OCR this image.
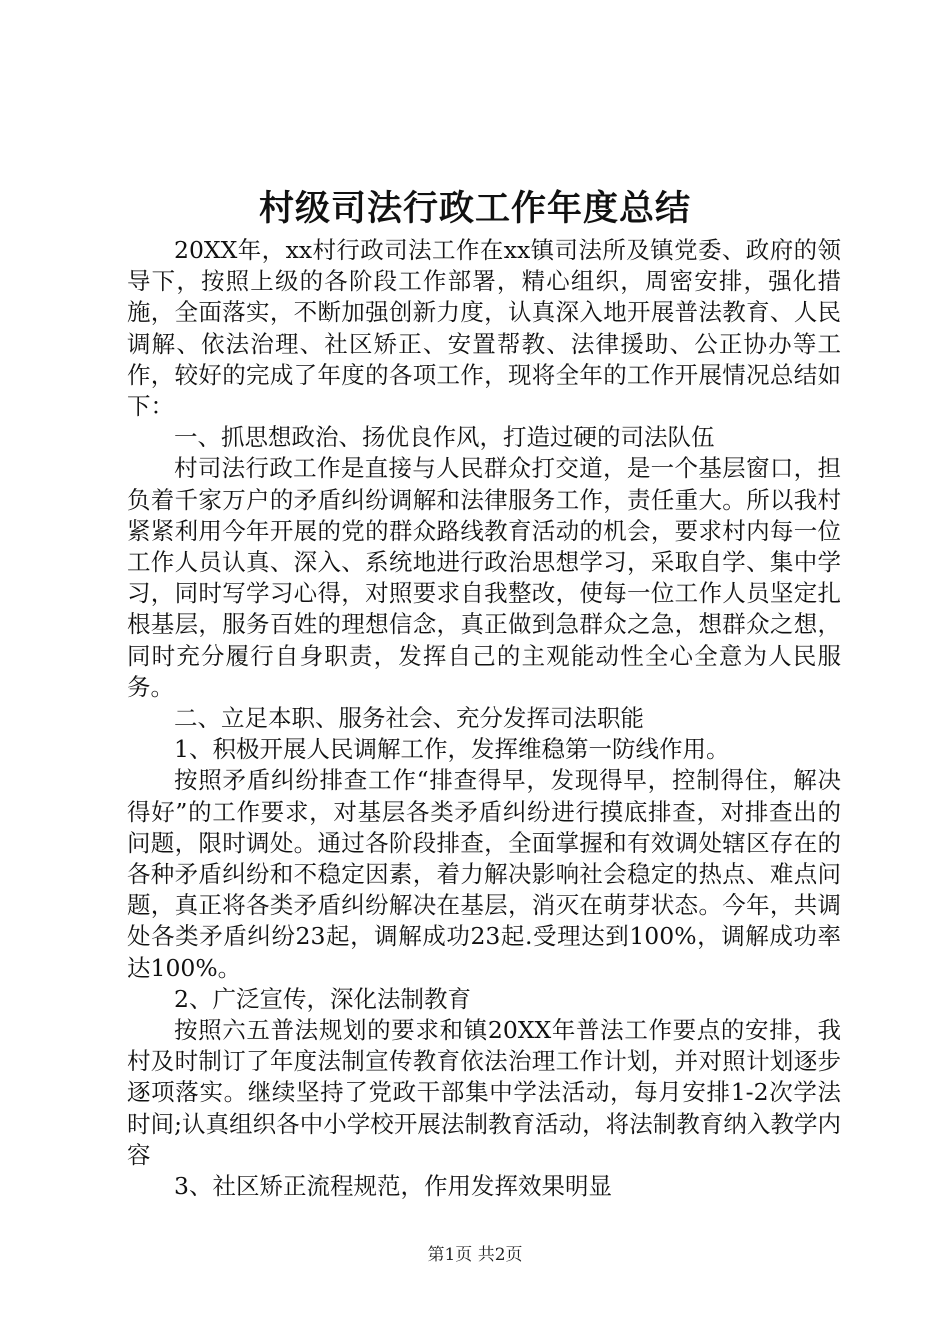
村级司法行政工作年度总结

20XX年，xx村行政司法工作在xx镇司法所及镇党委、政府的领导下，按照上级的各阶段工作部署，精心组织，周密安排，强化措施，全面落实，不断加强创新力度，认真深入地开展普法教育、人民调解、依法治理、社区矫正、安置帮教、法律援助、公正协办等工作，较好的完成了年度的各项工作，现将全年的工作开展情况总结如下：

一、抓思想政治、扬优良作风，打造过硬的司法队伍

村司法行政工作是直接与人民群众打交道，是一个基层窗口，担负着千家万户的矛盾纠纷调解和法律服务工作，责任重大。所以我村紧紧利用今年开展的党的群众路线教育活动的机会，要求村内每一位工作人员认真、深入、系统地进行政治思想学习，采取自学、集中学习，同时写学习心得，对照要求自我整改，使每一位工作人员坚定扎根基层，服务百姓的理想信念，真正做到急群众之急，想群众之想，同时充分履行自身职责，发挥自己的主观能动性全心全意为人民服务。

二、立足本职、服务社会、充分发挥司法职能

1、积极开展人民调解工作，发挥维稳第一防线作用。

按照矛盾纠纷排查工作“排查得早，发现得早，控制得住，解决得好”的工作要求，对基层各类矛盾纠纷进行摸底排查，对排查出的问题，限时调处。通过各阶段排查，全面掌握和有效调处辖区存在的各种矛盾纠纷和不稳定因素，着力解决影响社会稳定的热点、难点问题，真正将各类矛盾纠纷解决在基层，消灭在萌芽状态。今年，共调处各类矛盾纠纷23起，调解成功23起.受理达到100%，调解成功率达100%。

2、广泛宣传，深化法制教育

按照六五普法规划的要求和镇20XX年普法工作要点的安排，我村及时制订了年度法制宣传教育依法治理工作计划，并对照计划逐步逐项落实。继续坚持了党政干部集中学法活动，每月安排1-2次学法时间;认真组织各中小学校开展法制教育活动，将法制教育纳入教学内容

3、社区矫正流程规范，作用发挥效果明显

第1页 共2页
